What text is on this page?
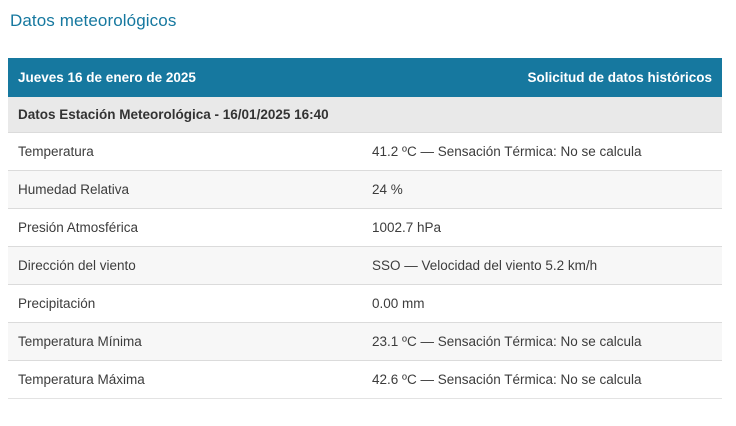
Datos meteorológicos
Jueves 16 de enero de 2025	Solicitud de datos históricos
Datos Estación Meteorológica - 16/01/2025 16:40
Temperatura	41.2 ºC — Sensación Térmica: No se calcula
Humedad Relativa	24 %
Presión Atmosférica	1002.7 hPa
Dirección del viento	SSO — Velocidad del viento 5.2 km/h
Precipitación	0.00 mm
Temperatura Mínima	23.1 ºC — Sensación Térmica: No se calcula
Temperatura Máxima	42.6 ºC — Sensación Térmica: No se calcula
